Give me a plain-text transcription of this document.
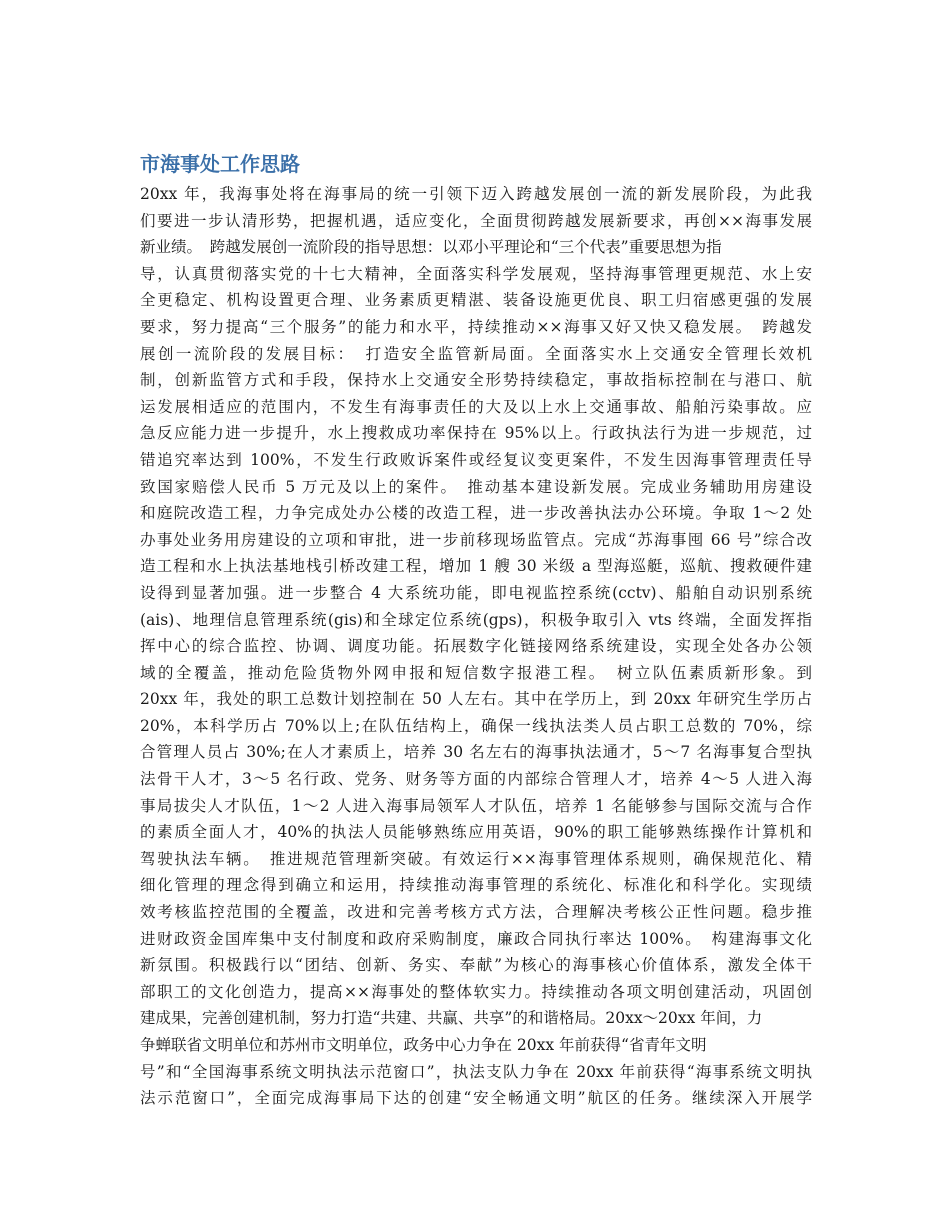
市海事处工作思路
20xx 年，我海事处将在海事局的统一引领下迈入跨越发展创一流的新发展阶段，为此我
们要进一步认清形势，把握机遇，适应变化，全面贯彻跨越发展新要求，再创××海事发展
新业绩。　跨越发展创一流阶段的指导思想：以邓小平理论和“三个代表”重要思想为指
导，认真贯彻落实党的十七大精神，全面落实科学发展观，坚持海事管理更规范、水上安
全更稳定、机构设置更合理、业务素质更精湛、装备设施更优良、职工归宿感更强的发展
要求，努力提高“三个服务”的能力和水平，持续推动××海事又好又快又稳发展。　跨越发
展创一流阶段的发展目标：　打造安全监管新局面。全面落实水上交通安全管理长效机
制，创新监管方式和手段，保持水上交通安全形势持续稳定，事故指标控制在与港口、航
运发展相适应的范围内，不发生有海事责任的大及以上水上交通事故、船舶污染事故。应
急反应能力进一步提升，水上搜救成功率保持在 95%以上。行政执法行为进一步规范，过
错追究率达到 100%，不发生行政败诉案件或经复议变更案件，不发生因海事管理责任导
致国家赔偿人民币 5 万元及以上的案件。　推动基本建设新发展。完成业务辅助用房建设
和庭院改造工程，力争完成处办公楼的改造工程，进一步改善执法办公环境。争取 1～2 处
办事处业务用房建设的立项和审批，进一步前移现场监管点。完成“苏海事囤 66 号”综合改
造工程和水上执法基地栈引桥改建工程，增加 1 艘 30 米级 a 型海巡艇，巡航、搜救硬件建
设得到显著加强。进一步整合 4 大系统功能，即电视监控系统(cctv)、船舶自动识别系统
(ais)、地理信息管理系统(gis)和全球定位系统(gps)，积极争取引入 vts 终端，全面发挥指
挥中心的综合监控、协调、调度功能。拓展数字化链接网络系统建设，实现全处各办公领
域的全覆盖，推动危险货物外网申报和短信数字报港工程。　树立队伍素质新形象。到
20xx 年，我处的职工总数计划控制在 50 人左右。其中在学历上，到 20xx 年研究生学历占
20%，本科学历占 70%以上;在队伍结构上，确保一线执法类人员占职工总数的 70%，综
合管理人员占 30%;在人才素质上，培养 30 名左右的海事执法通才，5～7 名海事复合型执
法骨干人才，3～5 名行政、党务、财务等方面的内部综合管理人才，培养 4～5 人进入海
事局拔尖人才队伍，1～2 人进入海事局领军人才队伍，培养 1 名能够参与国际交流与合作
的素质全面人才，40%的执法人员能够熟练应用英语，90%的职工能够熟练操作计算机和
驾驶执法车辆。　推进规范管理新突破。有效运行××海事管理体系规则，确保规范化、精
细化管理的理念得到确立和运用，持续推动海事管理的系统化、标准化和科学化。实现绩
效考核监控范围的全覆盖，改进和完善考核方式方法，合理解决考核公正性问题。稳步推
进财政资金国库集中支付制度和政府采购制度，廉政合同执行率达 100%。　构建海事文化
新氛围。积极践行以“团结、创新、务实、奉献”为核心的海事核心价值体系，激发全体干
部职工的文化创造力，提高××海事处的整体软实力。持续推动各项文明创建活动，巩固创
建成果，完善创建机制，努力打造“共建、共赢、共享”的和谐格局。20xx～20xx 年间，力
争蝉联省文明单位和苏州市文明单位，政务中心力争在 20xx 年前获得“省青年文明
号”和“全国海事系统文明执法示范窗口”，执法支队力争在 20xx 年前获得“海事系统文明执
法示范窗口”，全面完成海事局下达的创建“安全畅通文明”航区的任务。继续深入开展学
